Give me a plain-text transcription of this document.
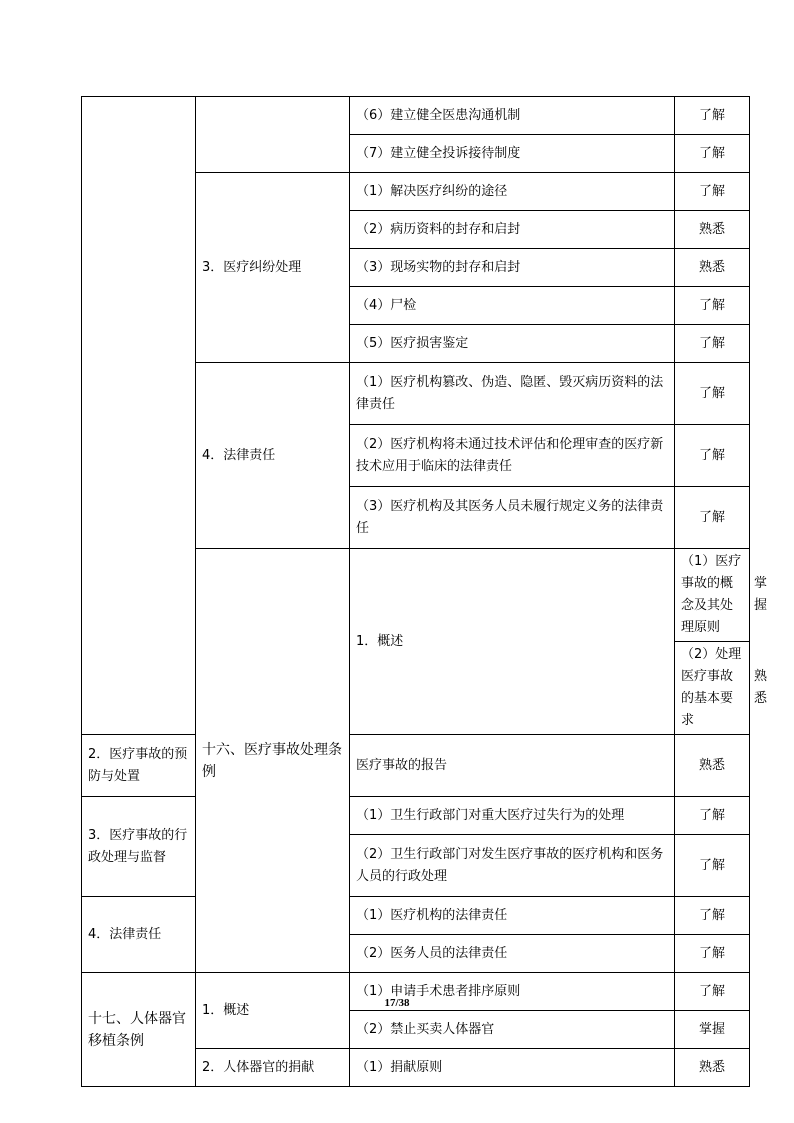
		（6）建立健全医患沟通机制	了解	
		（7）建立健全投诉接待制度	了解	
	3．医疗纠纷处理	（1）解决医疗纠纷的途径	了解	
		（2）病历资料的封存和启封	熟悉	
		（3）现场实物的封存和启封	熟悉	
		（4）尸检	了解	
		（5）医疗损害鉴定	了解	
	4．法律责任	（1）医疗机构篡改、伪造、隐匿、毁灭病历资料的法律责任	了解	
		（2）医疗机构将未通过技术评估和伦理审查的医疗新技术应用于临床的法律责任	了解	
		（3）医疗机构及其医务人员未履行规定义务的法律责任	了解	
	十六、医疗事故处理条例	1．概述	（1）医疗事故的概念及其处理原则	掌握
			（2）处理医疗事故的基本要求	熟悉
2．医疗事故的预防与处置		医疗事故的报告	熟悉	
3．医疗事故的行政处理与监督		（1）卫生行政部门对重大医疗过失行为的处理	了解	
		（2）卫生行政部门对发生医疗事故的医疗机构和医务人员的行政处理	了解	
4．法律责任		（1）医疗机构的法律责任	了解	
		（2）医务人员的法律责任	了解	
十七、人体器官移植条例	1．概述	（1）申请手术患者排序原则	了解	
		（2）禁止买卖人体器官	掌握	
	2．人体器官的捐献	（1）捐献原则	熟悉	
17/38
